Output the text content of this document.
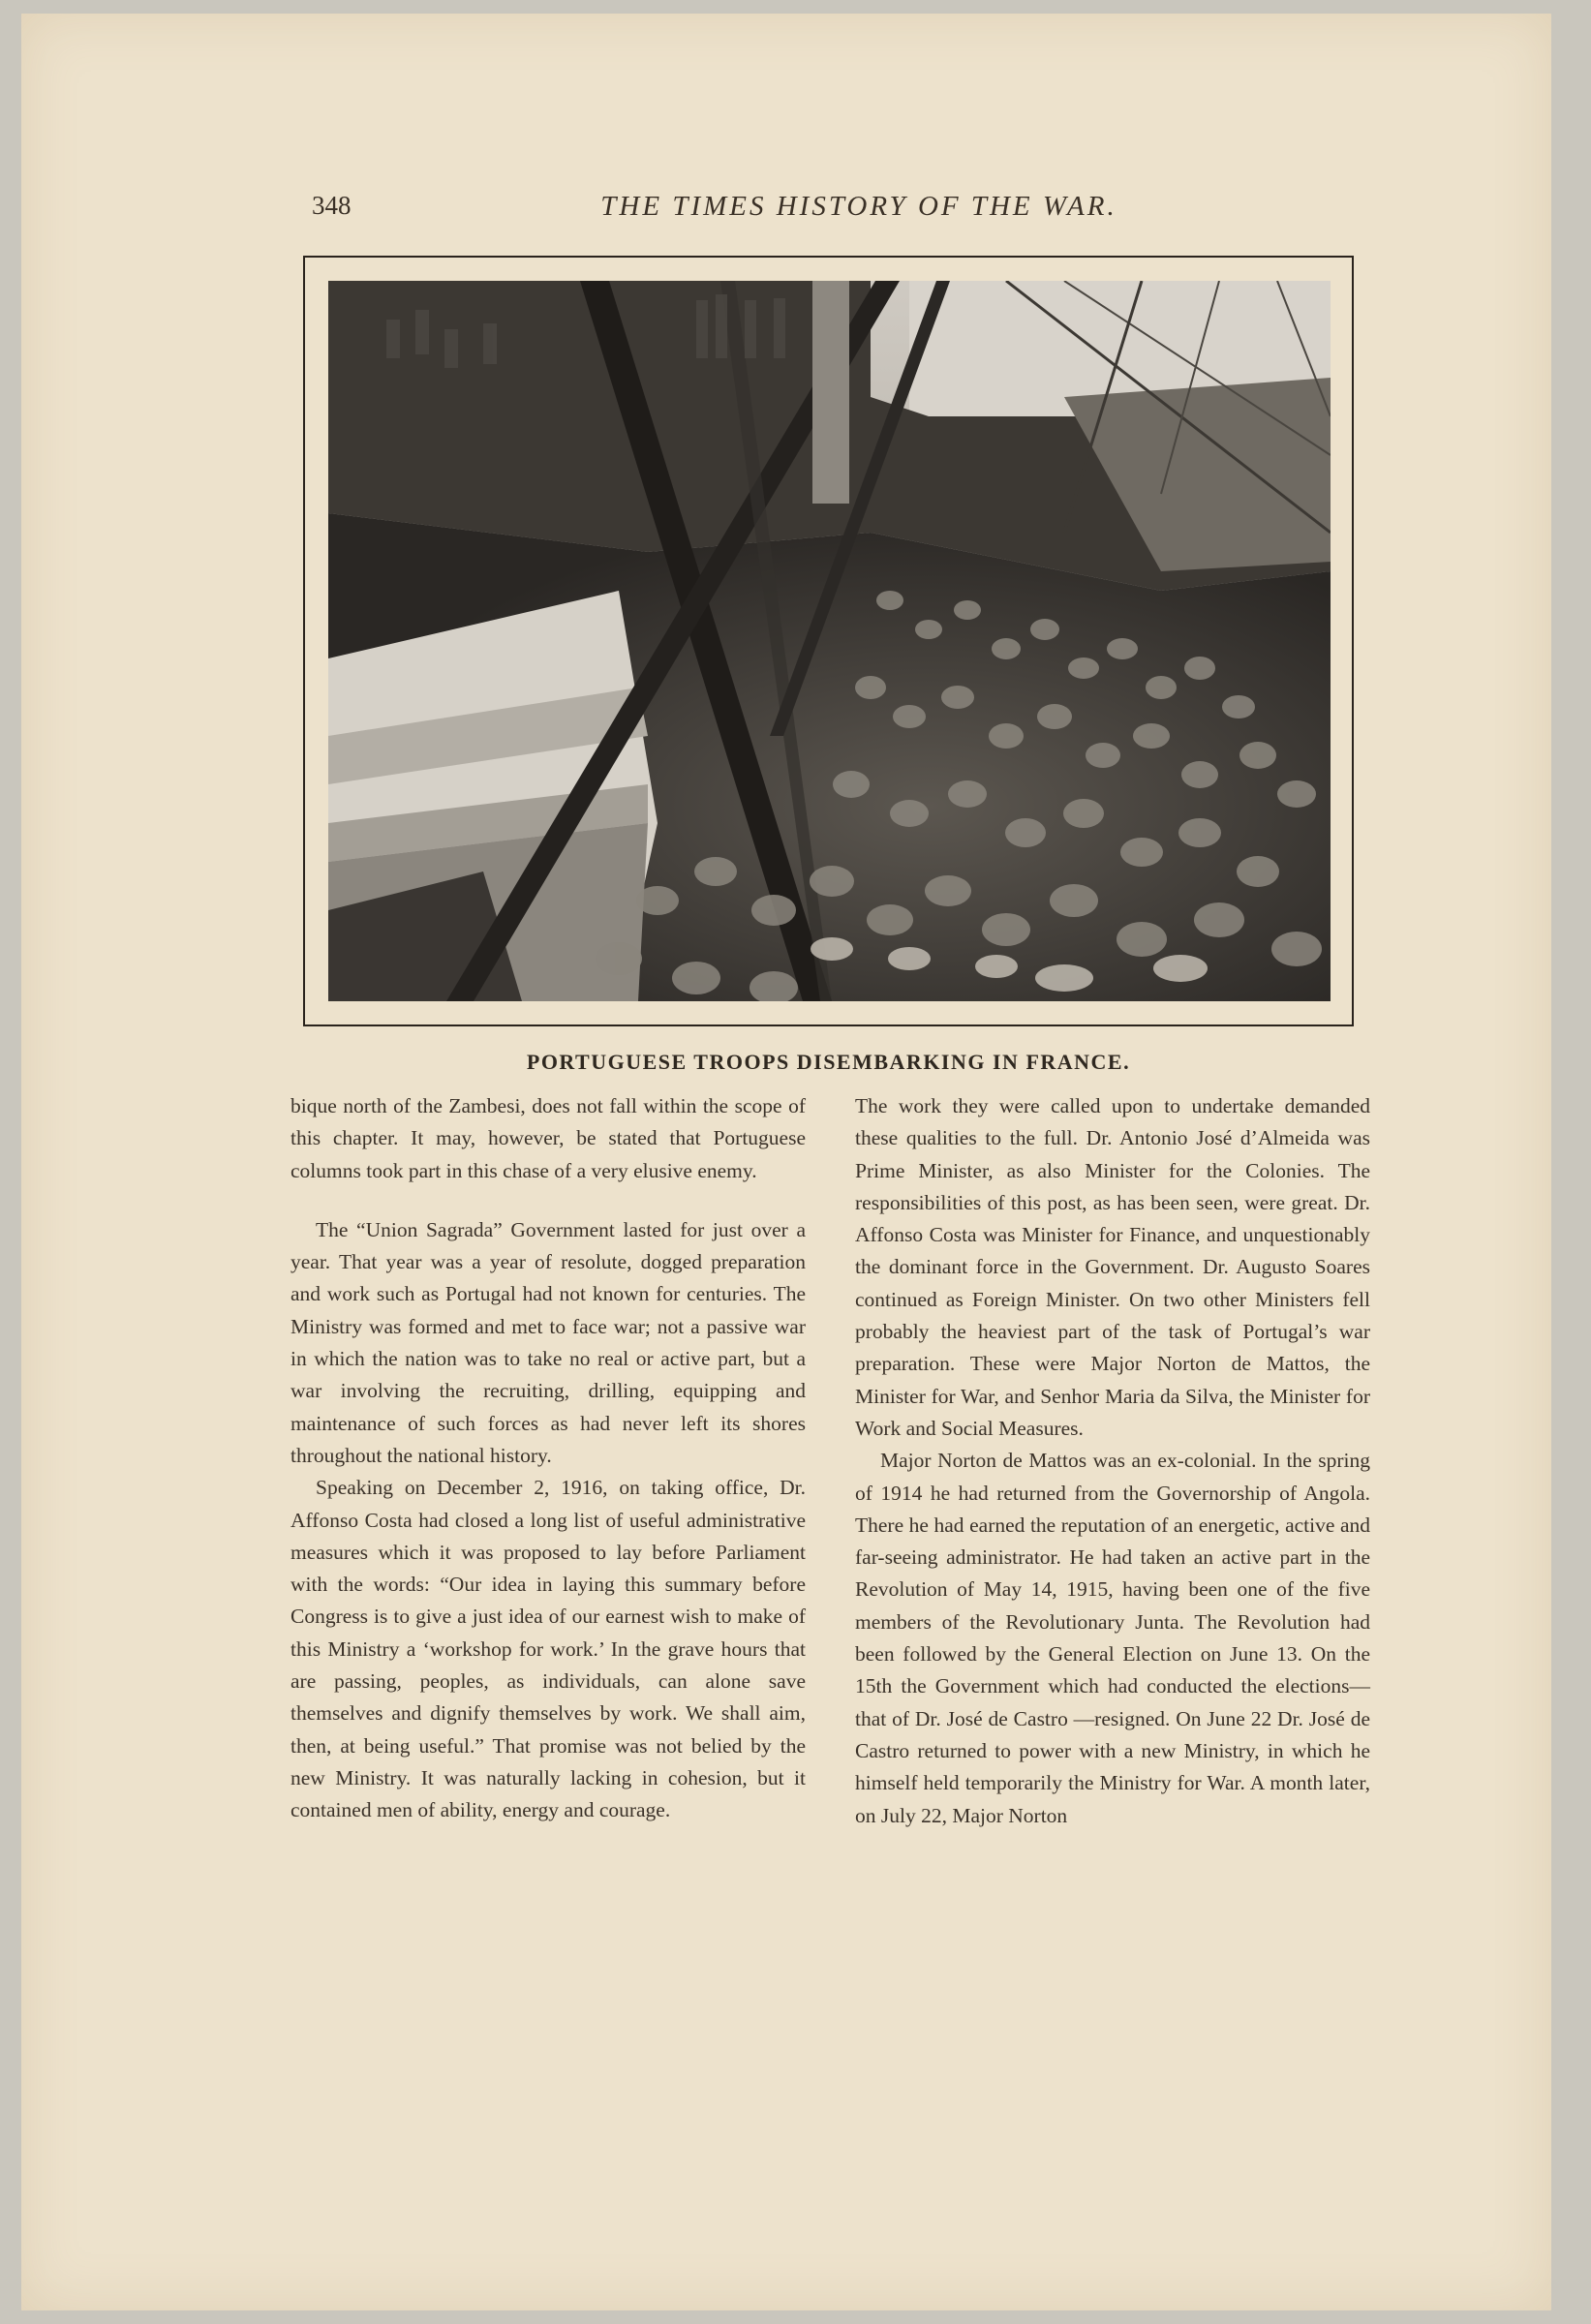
348	THE TIMES HISTORY OF THE WAR.
PORTUGUESE TROOPS DISEMBARKING IN FRANCE.

bique north of the Zambesi, does not fall within the scope of this chapter. It may, however, be stated that Portuguese columns took part in this chase of a very elusive enemy.

The “Union Sagrada” Government lasted for just over a year. That year was a year of resolute, dogged preparation and work such as Portugal had not known for centuries. The Ministry was formed and met to face war; not a passive war in which the nation was to take no real or active part, but a war involving the recruiting, drilling, equipping and maintenance of such forces as had never left its shores throughout the national history.

Speaking on December 2, 1916, on taking office, Dr. Affonso Costa had closed a long list of useful administrative measures which it was proposed to lay before Parliament with the words: “Our idea in laying this summary before Congress is to give a just idea of our earnest wish to make of this Ministry a ‘workshop for work.’ In the grave hours that are passing, peoples, as individuals, can alone save themselves and dignify themselves by work. We shall aim, then, at being useful.” That promise was not belied by the new Ministry. It was naturally lacking in cohesion, but it contained men of ability, energy and courage.

The work they were called upon to undertake demanded these qualities to the full. Dr. Antonio José d’Almeida was Prime Minister, as also Minister for the Colonies. The responsibilities of this post, as has been seen, were great. Dr. Affonso Costa was Minister for Finance, and unquestionably the dominant force in the Government. Dr. Augusto Soares continued as Foreign Minister. On two other Ministers fell probably the heaviest part of the task of Portugal’s war preparation. These were Major Norton de Mattos, the Minister for War, and Senhor Maria da Silva, the Minister for Work and Social Measures.

Major Norton de Mattos was an ex-colonial. In the spring of 1914 he had returned from the Governorship of Angola. There he had earned the reputation of an energetic, active and far-seeing administrator. He had taken an active part in the Revolution of May 14, 1915, having been one of the five members of the Revolutionary Junta. The Revolution had been followed by the General Election on June 13. On the 15th the Government which had conducted the elections—that of Dr. José de Castro —resigned. On June 22 Dr. José de Castro returned to power with a new Ministry, in which he himself held temporarily the Ministry for War. A month later, on July 22, Major Norton
